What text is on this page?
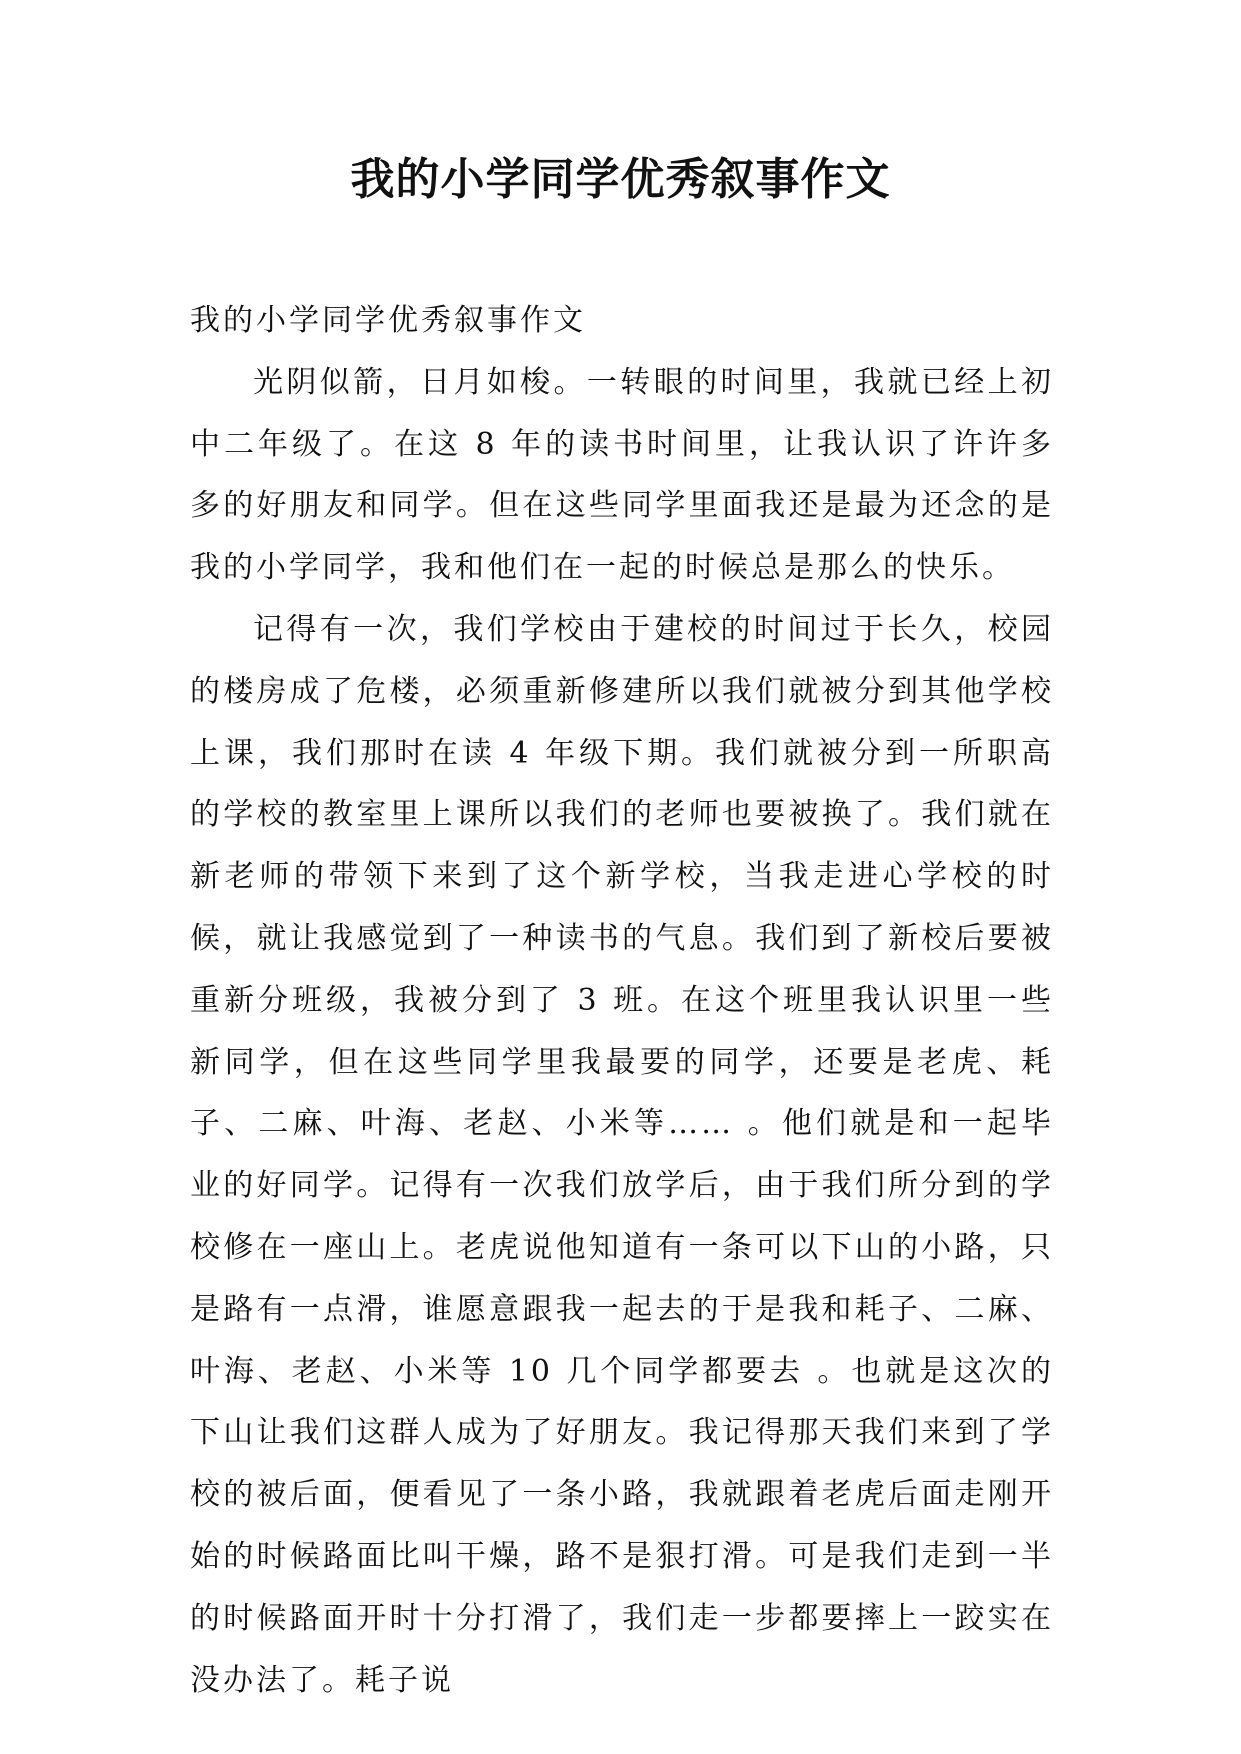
我的小学同学优秀叙事作文

我的小学同学优秀叙事作文

光阴似箭，日月如梭。一转眼的时间里，我就已经上初中二年级了。在这 8 年的读书时间里，让我认识了许许多多的好朋友和同学。但在这些同学里面我还是最为还念的是我的小学同学，我和他们在一起的时候总是那么的快乐。

记得有一次，我们学校由于建校的时间过于长久，校园的楼房成了危楼，必须重新修建所以我们就被分到其他学校上课，我们那时在读 4 年级下期。我们就被分到一所职高的学校的教室里上课所以我们的老师也要被换了。我们就在新老师的带领下来到了这个新学校，当我走进心学校的时候，就让我感觉到了一种读书的气息。我们到了新校后要被重新分班级，我被分到了 3 班。在这个班里我认识里一些新同学，但在这些同学里我最要的同学，还要是老虎、耗子、二麻、叶海、老赵、小米等…… 。他们就是和一起毕业的好同学。记得有一次我们放学后，由于我们所分到的学校修在一座山上。老虎说他知道有一条可以下山的小路，只是路有一点滑，谁愿意跟我一起去的于是我和耗子、二麻、叶海、老赵、小米等 10 几个同学都要去 。也就是这次的下山让我们这群人成为了好朋友。我记得那天我们来到了学校的被后面，便看见了一条小路，我就跟着老虎后面走刚开始的时候路面比叫干燥，路不是狠打滑。可是我们走到一半的时候路面开时十分打滑了，我们走一步都要摔上一跤实在没办法了。耗子说
